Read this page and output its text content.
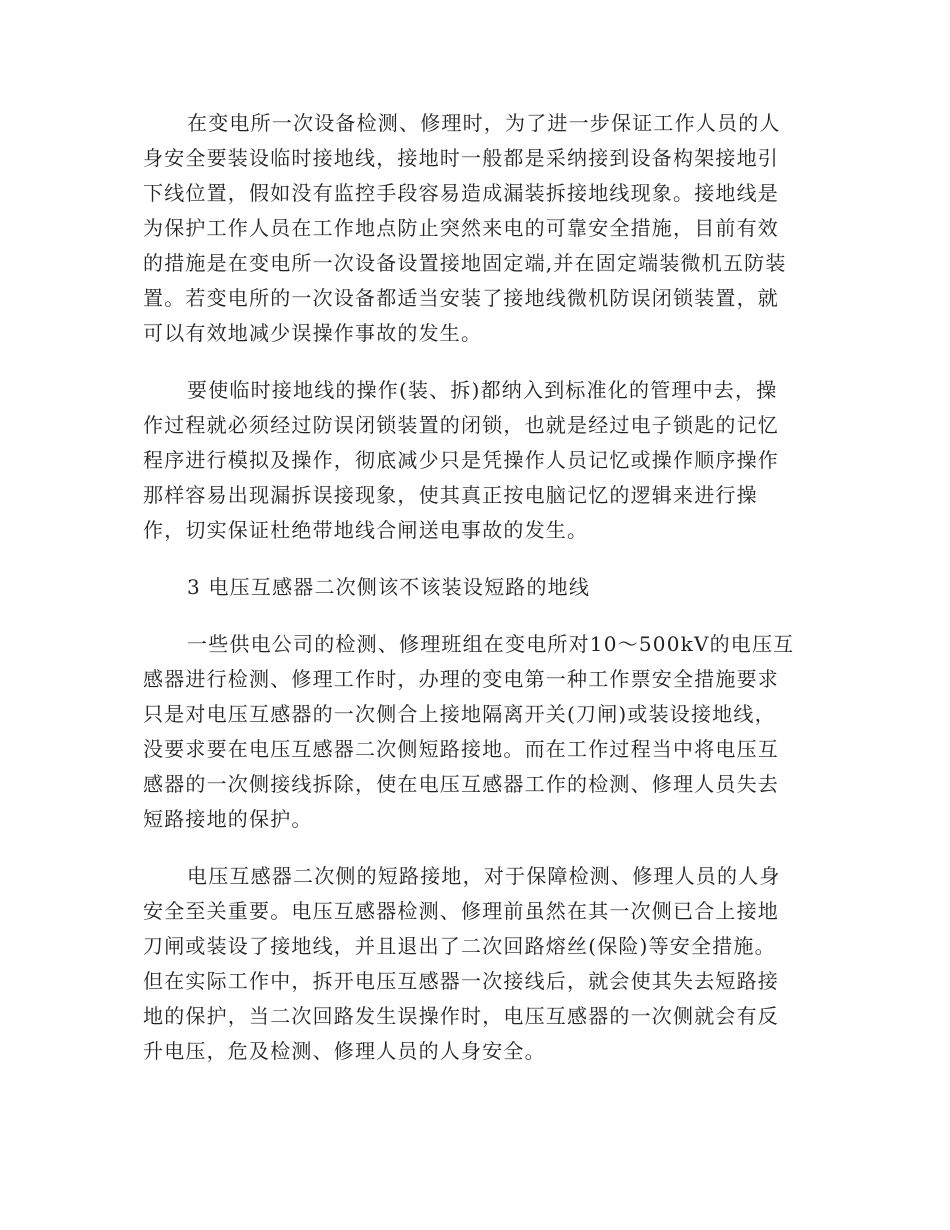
在变电所一次设备检测、修理时，为了进一步保证工作人员的人
身安全要装设临时接地线，接地时一般都是采纳接到设备构架接地引
下线位置，假如没有监控手段容易造成漏装拆接地线现象。接地线是
为保护工作人员在工作地点防止突然来电的可靠安全措施，目前有效
的措施是在变电所一次设备设置接地固定端,并在固定端装微机五防装
置。若变电所的一次设备都适当安装了接地线微机防误闭锁装置，就
可以有效地减少误操作事故的发生。

要使临时接地线的操作(装、拆)都纳入到标准化的管理中去，操
作过程就必须经过防误闭锁装置的闭锁，也就是经过电子锁匙的记忆
程序进行模拟及操作，彻底减少只是凭操作人员记忆或操作顺序操作
那样容易出现漏拆误接现象，使其真正按电脑记忆的逻辑来进行操
作，切实保证杜绝带地线合闸送电事故的发生。

3 电压互感器二次侧该不该装设短路的地线

一些供电公司的检测、修理班组在变电所对10～500kV的电压互
感器进行检测、修理工作时，办理的变电第一种工作票安全措施要求
只是对电压互感器的一次侧合上接地隔离开关(刀闸)或装设接地线，
没要求要在电压互感器二次侧短路接地。而在工作过程当中将电压互
感器的一次侧接线拆除，使在电压互感器工作的检测、修理人员失去
短路接地的保护。

电压互感器二次侧的短路接地，对于保障检测、修理人员的人身
安全至关重要。电压互感器检测、修理前虽然在其一次侧已合上接地
刀闸或装设了接地线，并且退出了二次回路熔丝(保险)等安全措施。
但在实际工作中，拆开电压互感器一次接线后，就会使其失去短路接
地的保护，当二次回路发生误操作时，电压互感器的一次侧就会有反
升电压，危及检测、修理人员的人身安全。
